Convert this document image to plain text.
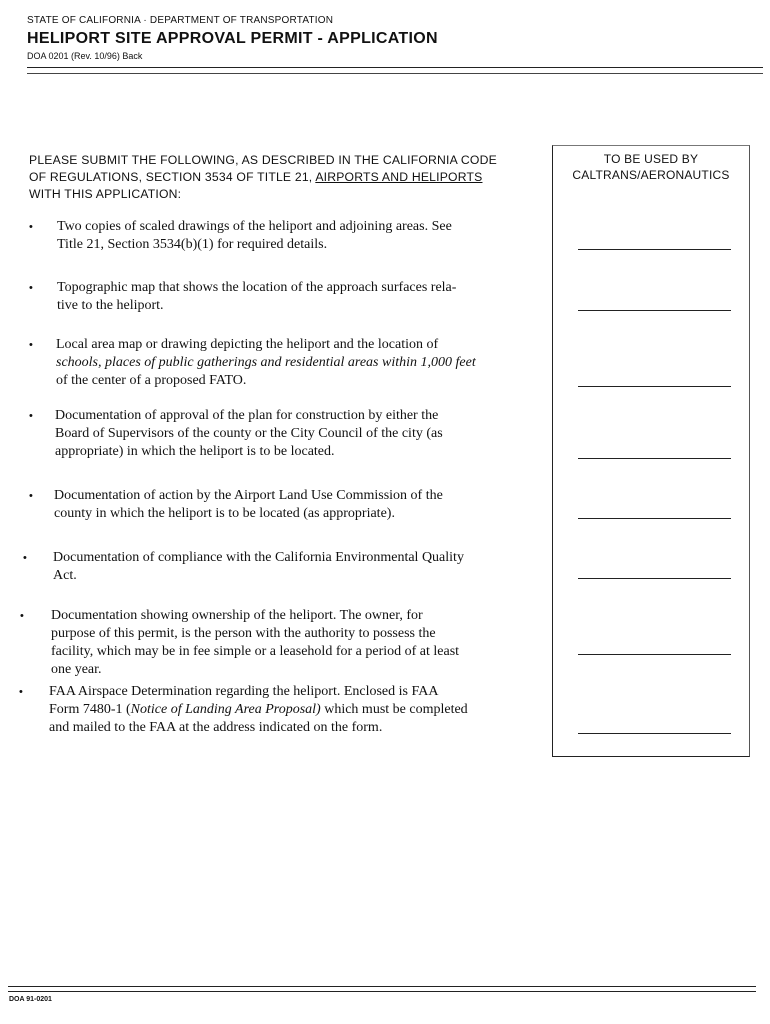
STATE OF CALIFORNIA · DEPARTMENT OF TRANSPORTATION
HELIPORT SITE APPROVAL PERMIT - APPLICATION
DOA 0201 (Rev. 10/96) Back
PLEASE SUBMIT THE FOLLOWING, AS DESCRIBED IN THE CALIFORNIA CODE
OF REGULATIONS, SECTION 3534 OF TITLE 21, AIRPORTS AND HELIPORTS
WITH THIS APPLICATION:
• Two copies of scaled drawings of the heliport and adjoining areas. See
Title 21, Section 3534(b)(1) for required details.
• Topographic map that shows the location of the approach surfaces rela-
tive to the heliport.
• Local area map or drawing depicting the heliport and the location of
schools, places of public gatherings and residential areas within 1,000 feet
of the center of a proposed FATO.
• Documentation of approval of the plan for construction by either the
Board of Supervisors of the county or the City Council of the city (as
appropriate) in which the heliport is to be located.
• Documentation of action by the Airport Land Use Commission of the
county in which the heliport is to be located (as appropriate).
• Documentation of compliance with the California Environmental Quality
Act.
• Documentation showing ownership of the heliport. The owner, for
purpose of this permit, is the person with the authority to possess the
facility, which may be in fee simple or a leasehold for a period of at least
one year.
• FAA Airspace Determination regarding the heliport. Enclosed is FAA
Form 7480-1 (Notice of Landing Area Proposal) which must be completed
and mailed to the FAA at the address indicated on the form.
TO BE USED BY
CALTRANS/AERONAUTICS
DOA 91-0201
